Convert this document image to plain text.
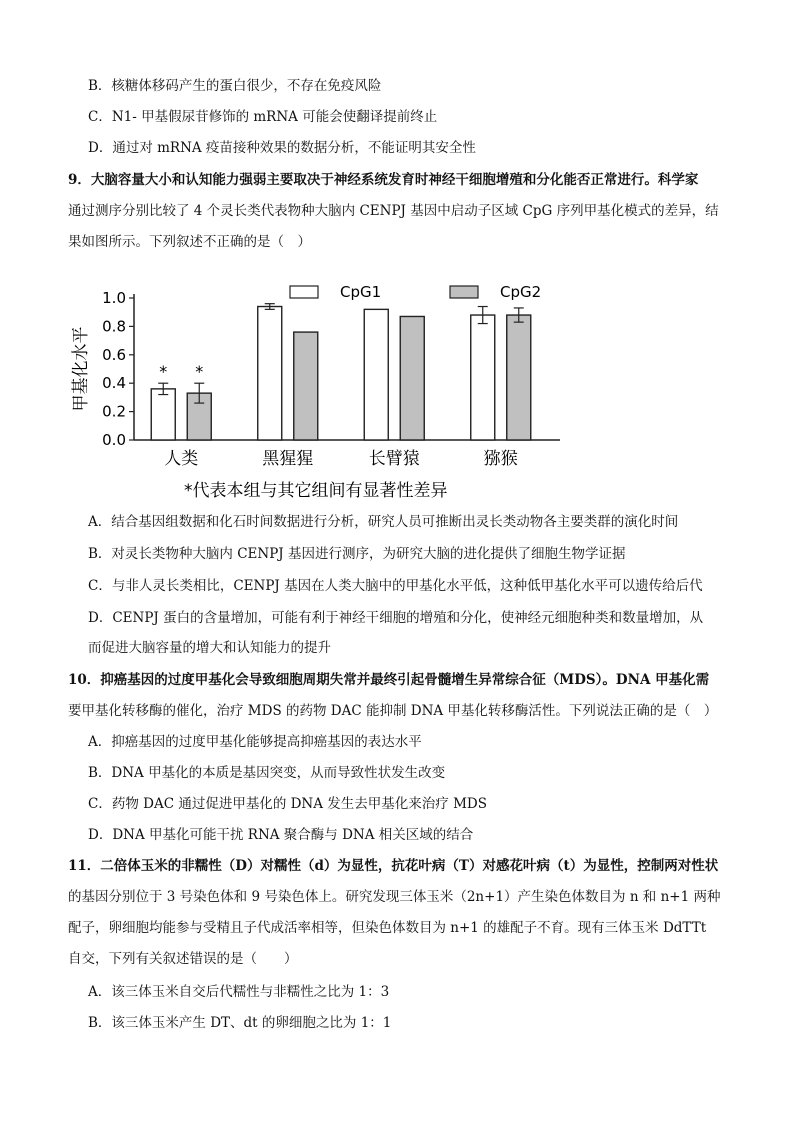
B．核糖体移码产生的蛋白很少，不存在免疫风险
C．N1- 甲基假尿苷修饰的 mRNA 可能会使翻译提前终止
D．通过对 mRNA 疫苗接种效果的数据分析，不能证明其安全性
9．大脑容量大小和认知能力强弱主要取决于神经系统发育时神经干细胞增殖和分化能否正常进行。科学家
通过测序分别比较了 4 个灵长类代表物种大脑内 CENPJ 基因中启动子区域 CpG 序列甲基化模式的差异，结
果如图所示。下列叙述不正确的是（　）
0.0
0.2
0.4
0.6
0.8
1.0
甲基化水平	* *
人类	黑猩猩	长臂猿	猕猴
*代表本组与其它组间有显著性差异
CpG1	CpG2
A．结合基因组数据和化石时间数据进行分析，研究人员可推断出灵长类动物各主要类群的演化时间
B．对灵长类物种大脑内 CENPJ 基因进行测序，为研究大脑的进化提供了细胞生物学证据
C．与非人灵长类相比，CENPJ 基因在人类大脑中的甲基化水平低，这种低甲基化水平可以遗传给后代
D．CENPJ 蛋白的含量增加，可能有利于神经干细胞的增殖和分化，使神经元细胞种类和数量增加，从
而促进大脑容量的增大和认知能力的提升
10．抑癌基因的过度甲基化会导致细胞周期失常并最终引起骨髓增生异常综合征（MDS）。DNA 甲基化需
要甲基化转移酶的催化，治疗 MDS 的药物 DAC 能抑制 DNA 甲基化转移酶活性。下列说法正确的是（　）
A．抑癌基因的过度甲基化能够提高抑癌基因的表达水平
B．DNA 甲基化的本质是基因突变，从而导致性状发生改变
C．药物 DAC 通过促进甲基化的 DNA 发生去甲基化来治疗 MDS
D．DNA 甲基化可能干扰 RNA 聚合酶与 DNA 相关区域的结合
11．二倍体玉米的非糯性（D）对糯性（d）为显性，抗花叶病（T）对感花叶病（t）为显性，控制两对性状
的基因分别位于 3 号染色体和 9 号染色体上。研究发现三体玉米（2n+1）产生染色体数目为 n 和 n+1 两种
配子，卵细胞均能参与受精且子代成活率相等，但染色体数目为 n+1 的雄配子不育。现有三体玉米 DdTTt
自交，下列有关叙述错误的是（　　）
A．该三体玉米自交后代糯性与非糯性之比为 1：3
B．该三体玉米产生 DT、dt 的卵细胞之比为 1：1
